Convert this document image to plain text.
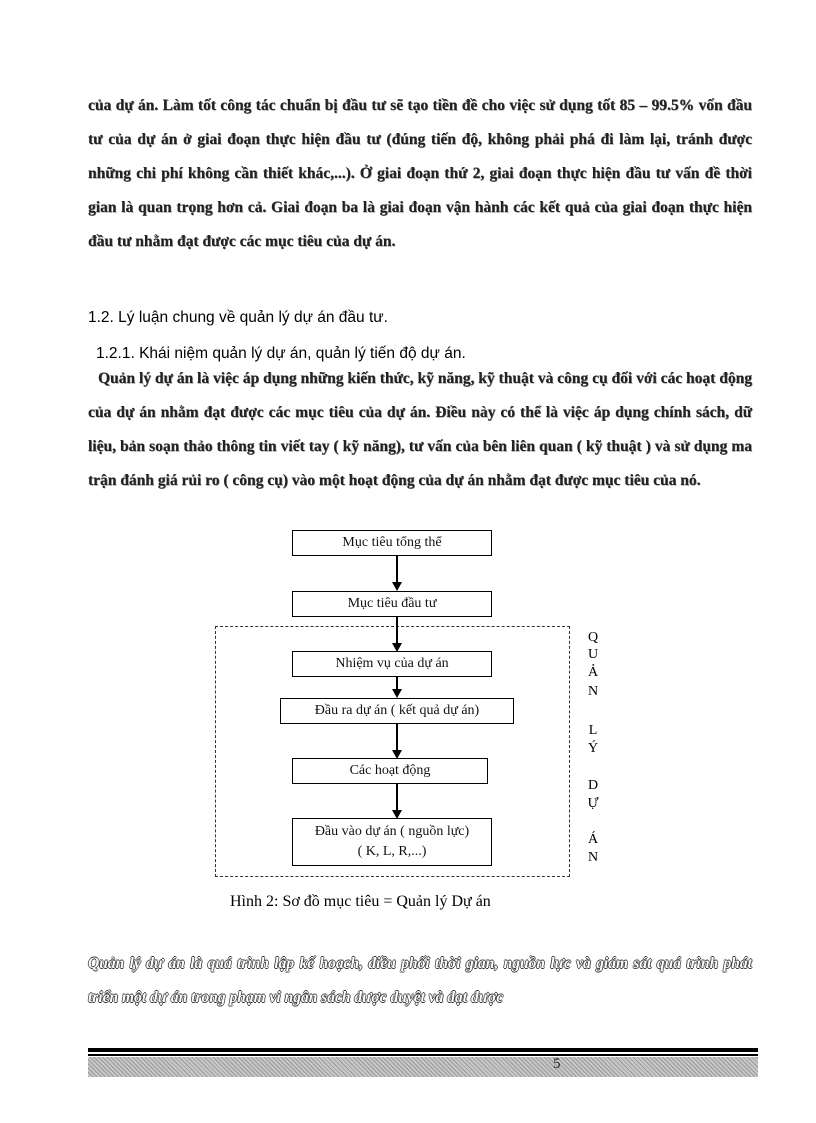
của dự án. Làm tốt công tác chuẩn bị đầu tư sẽ tạo tiền đề cho việc sử dụng tốt 85 – 99.5% vốn đầu tư của dự án ở giai đoạn thực hiện đầu tư (đúng tiến độ, không phải phá đi làm lại, tránh được những chi phí không cần thiết khác,...). Ở giai đoạn thứ 2, giai đoạn thực hiện đầu tư vấn đề thời gian là quan trọng hơn cả. Giai đoạn ba là giai đoạn vận hành các kết quả của giai đoạn thực hiện đầu tư nhằm đạt được các mục tiêu của dự án.
1.2. Lý luận chung về quản lý dự án đầu tư.
1.2.1. Khái niệm quản lý dự án, quản lý tiến độ dự án.
Quản lý dự án là việc áp dụng những kiến thức, kỹ năng, kỹ thuật và công cụ đối với các hoạt động của dự án nhằm đạt được các mục tiêu của dự án. Điều này có thể là việc áp dụng chính sách, dữ liệu, bản soạn thảo thông tin viết tay ( kỹ năng), tư vấn của bên liên quan ( kỹ thuật ) và sử dụng ma trận đánh giá rủi ro ( công cụ) vào một hoạt động của dự án nhằm đạt được mục tiêu của nó.
Mục tiêu tổng thể
Mục tiêu đầu tư
Nhiệm vụ của dự án
Đầu ra dự án ( kết quả dự án)
Các hoạt động
Đầu vào dự án ( nguồn lực)
( K, L, R,...)
Q
U
Ả
N
L
Ý
D
Ự
Á
N
Hình 2: Sơ đồ mục tiêu = Quản lý Dự án
Quản lý dự án là quá trình lập kế hoạch, điều phối thời gian, nguồn lực và giám sát quá trình phát triển một dự án trong phạm vi ngân sách được duyệt và đạt được
5
